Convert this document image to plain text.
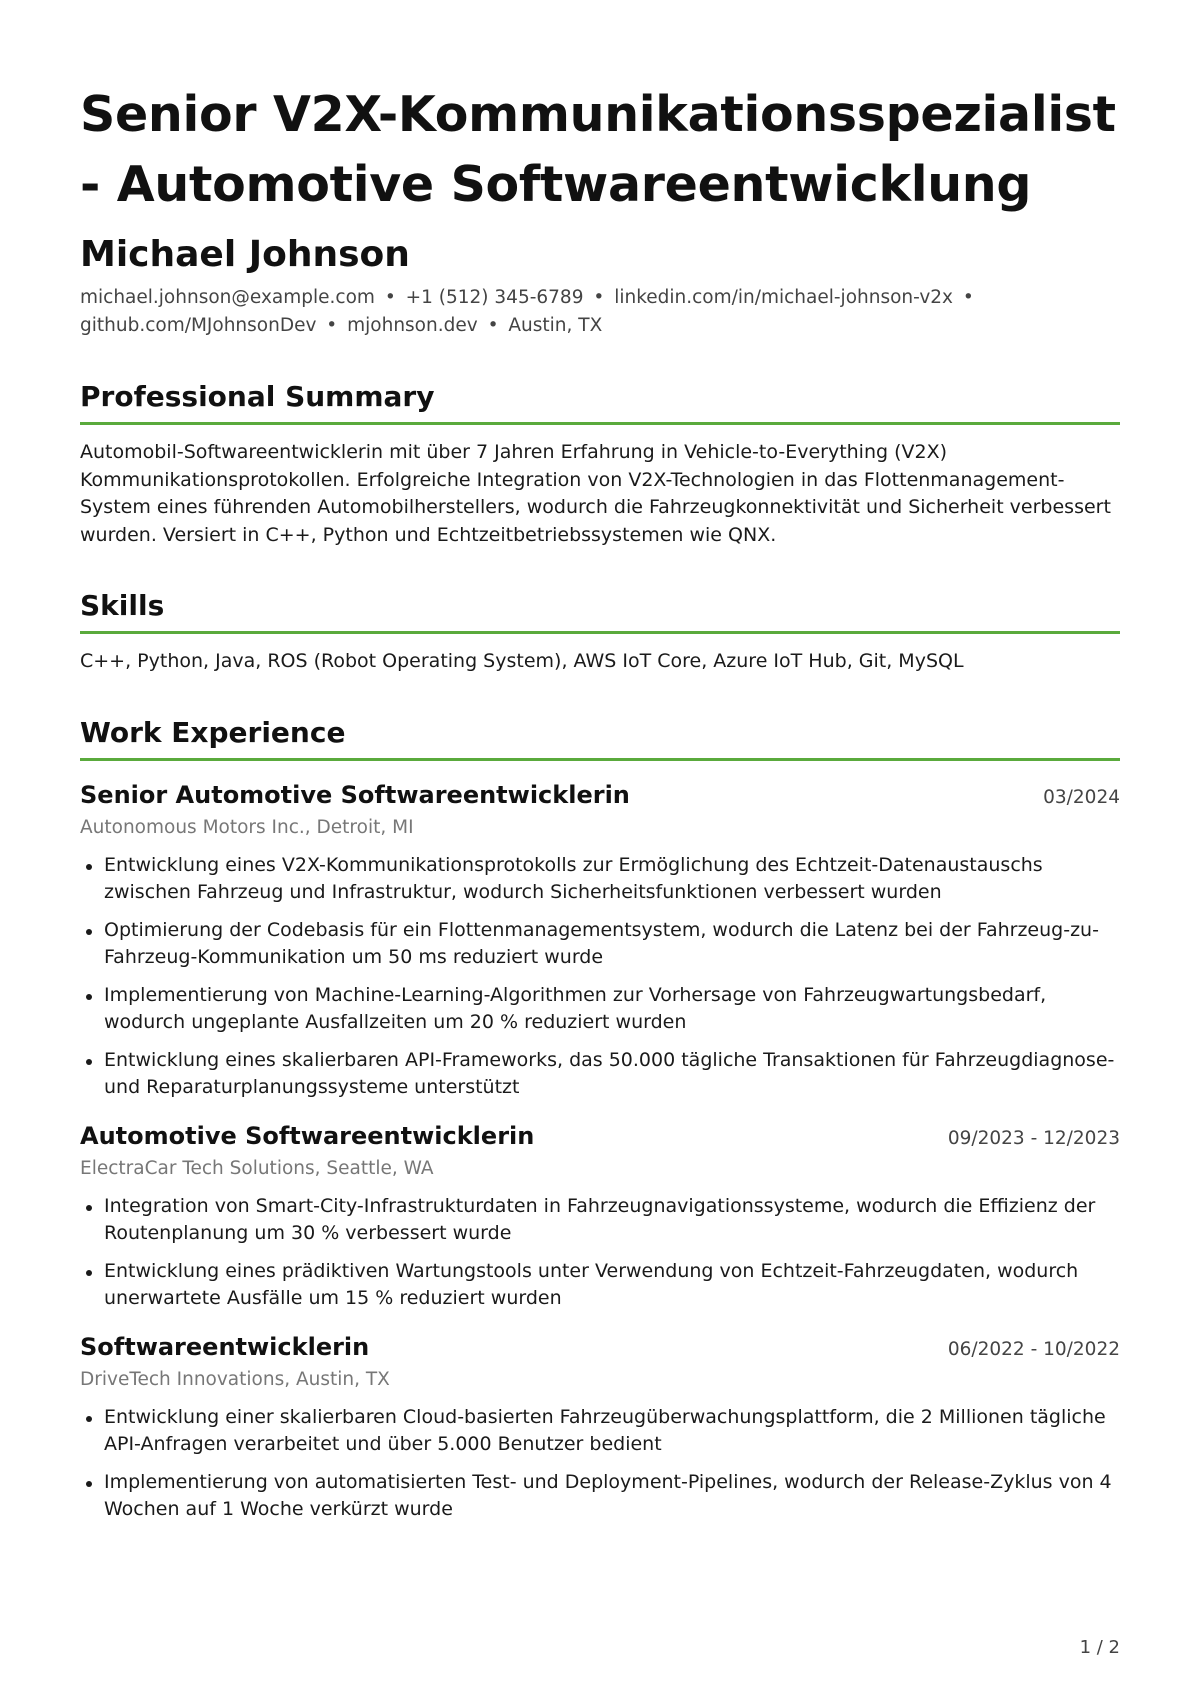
Senior V2X-Kommunikationsspezialist - Automotive Softwareentwicklung
Michael Johnson
michael.johnson@example.com • +1 (512) 345-6789 • linkedin.com/in/michael-johnson-v2x •
github.com/MJohnsonDev • mjohnson.dev • Austin, TX
Professional Summary
Automobil-Softwareentwicklerin mit über 7 Jahren Erfahrung in Vehicle-to-Everything (V2X) Kommunikationsprotokollen. Erfolgreiche Integration von V2X-Technologien in das Flottenmanagement-System eines führenden Automobilherstellers, wodurch die Fahrzeugkonnektivität und Sicherheit verbessert wurden. Versiert in C++, Python und Echtzeitbetriebssystemen wie QNX.
Skills
C++, Python, Java, ROS (Robot Operating System), AWS IoT Core, Azure IoT Hub, Git, MySQL
Work Experience
Senior Automotive Softwareentwicklerin	03/2024
Autonomous Motors Inc., Detroit, MI
Entwicklung eines V2X-Kommunikationsprotokolls zur Ermöglichung des Echtzeit-Datenaustauschs zwischen Fahrzeug und Infrastruktur, wodurch Sicherheitsfunktionen verbessert wurden
Optimierung der Codebasis für ein Flottenmanagementsystem, wodurch die Latenz bei der Fahrzeug-zu-Fahrzeug-Kommunikation um 50 ms reduziert wurde
Implementierung von Machine-Learning-Algorithmen zur Vorhersage von Fahrzeugwartungsbedarf, wodurch ungeplante Ausfallzeiten um 20 % reduziert wurden
Entwicklung eines skalierbaren API-Frameworks, das 50.000 tägliche Transaktionen für Fahrzeugdiagnose- und Reparaturplanungssysteme unterstützt
Automotive Softwareentwicklerin	09/2023 - 12/2023
ElectraCar Tech Solutions, Seattle, WA
Integration von Smart-City-Infrastrukturdaten in Fahrzeugnavigationssysteme, wodurch die Effizienz der Routenplanung um 30 % verbessert wurde
Entwicklung eines prädiktiven Wartungstools unter Verwendung von Echtzeit-Fahrzeugdaten, wodurch unerwartete Ausfälle um 15 % reduziert wurden
Softwareentwicklerin	06/2022 - 10/2022
DriveTech Innovations, Austin, TX
Entwicklung einer skalierbaren Cloud-basierten Fahrzeugüberwachungsplattform, die 2 Millionen tägliche API-Anfragen verarbeitet und über 5.000 Benutzer bedient
Implementierung von automatisierten Test- und Deployment-Pipelines, wodurch der Release-Zyklus von 4 Wochen auf 1 Woche verkürzt wurde
1 / 2
